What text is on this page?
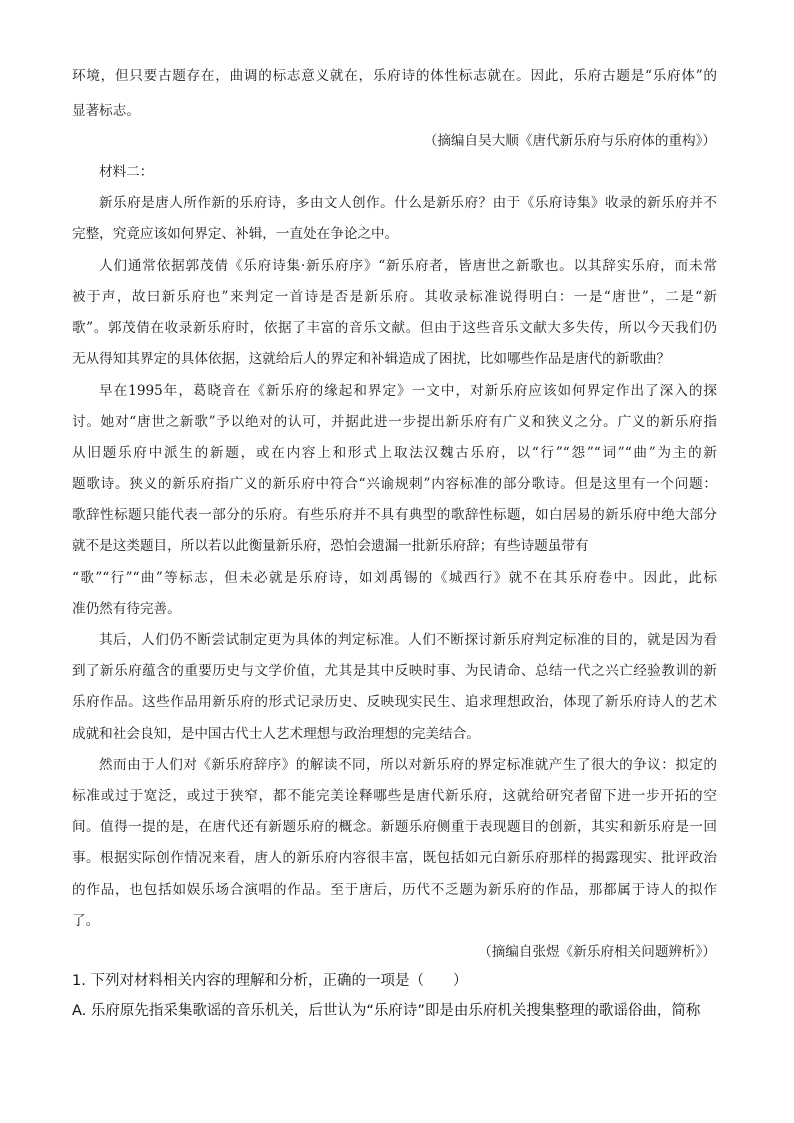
环境，但只要古题存在，曲调的标志意义就在，乐府诗的体性标志就在。因此，乐府古题是“乐府体”的
显著标志。
（摘编自吴大顺《唐代新乐府与乐府体的重构》）
材料二：
新乐府是唐人所作新的乐府诗，多由文人创作。什么是新乐府？由于《乐府诗集》收录的新乐府并不
完整，究竟应该如何界定、补辑，一直处在争论之中。
人们通常依据郭茂倩《乐府诗集·新乐府序》“新乐府者，皆唐世之新歌也。以其辞实乐府，而未常
被于声，故曰新乐府也”来判定一首诗是否是新乐府。其收录标准说得明白：一是“唐世”，二是“新
歌”。郭茂倩在收录新乐府时，依据了丰富的音乐文献。但由于这些音乐文献大多失传，所以今天我们仍
无从得知其界定的具体依据，这就给后人的界定和补辑造成了困扰，比如哪些作品是唐代的新歌曲？
早在1995年，葛晓音在《新乐府的缘起和界定》一文中，对新乐府应该如何界定作出了深入的探
讨。她对“唐世之新歌”予以绝对的认可，并据此进一步提出新乐府有广义和狭义之分。广义的新乐府指
从旧题乐府中派生的新题，或在内容上和形式上取法汉魏古乐府，以“行”“怨”“词”“曲”为主的新
题歌诗。狭义的新乐府指广义的新乐府中符合“兴谕规刺”内容标准的部分歌诗。但是这里有一个问题：
歌辞性标题只能代表一部分的乐府。有些乐府并不具有典型的歌辞性标题，如白居易的新乐府中绝大部分
就不是这类题目，所以若以此衡量新乐府，恐怕会遗漏一批新乐府辞；有些诗题虽带有
“歌”“行”“曲”等标志，但未必就是乐府诗，如刘禹锡的《城西行》就不在其乐府卷中。因此，此标
准仍然有待完善。
其后，人们仍不断尝试制定更为具体的判定标准。人们不断探讨新乐府判定标准的目的，就是因为看
到了新乐府蕴含的重要历史与文学价值，尤其是其中反映时事、为民请命、总结一代之兴亡经验教训的新
乐府作品。这些作品用新乐府的形式记录历史、反映现实民生、追求理想政治，体现了新乐府诗人的艺术
成就和社会良知，是中国古代士人艺术理想与政治理想的完美结合。
然而由于人们对《新乐府辞序》的解读不同，所以对新乐府的界定标准就产生了很大的争议：拟定的
标准或过于宽泛，或过于狭窄，都不能完美诠释哪些是唐代新乐府，这就给研究者留下进一步开拓的空
间。值得一提的是，在唐代还有新题乐府的概念。新题乐府侧重于表现题目的创新，其实和新乐府是一回
事。根据实际创作情况来看，唐人的新乐府内容很丰富，既包括如元白新乐府那样的揭露现实、批评政治
的作品，也包括如娱乐场合演唱的作品。至于唐后，历代不乏题为新乐府的作品，那都属于诗人的拟作
了。
（摘编自张煜《新乐府相关问题辨析》）
1. 下列对材料相关内容的理解和分析，正确的一项是（　　）
A. 乐府原先指采集歌谣的音乐机关，后世认为“乐府诗”即是由乐府机关搜集整理的歌谣俗曲，简称
